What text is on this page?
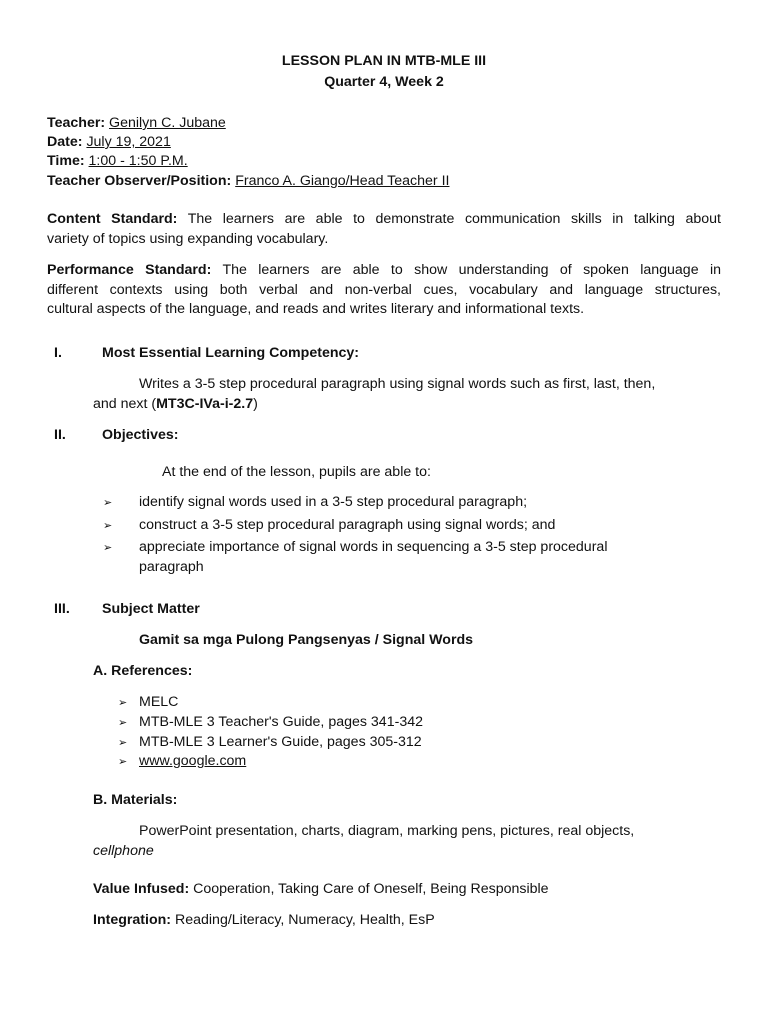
LESSON PLAN IN MTB-MLE III
Quarter 4, Week 2
Teacher: Genilyn C. Jubane
Date: July 19, 2021
Time: 1:00 - 1:50 P.M.
Teacher Observer/Position: Franco A. Giango/Head Teacher II
Content Standard: The learners are able to demonstrate communication skills in talking about
variety of topics using expanding vocabulary.
Performance Standard: The learners are able to show understanding of spoken language in
different contexts using both verbal and non-verbal cues, vocabulary and language structures,
cultural aspects of the language, and reads and writes literary and informational texts.
I.	Most Essential Learning Competency:
Writes a 3-5 step procedural paragraph using signal words such as first, last, then,
and next (MT3C-IVa-i-2.7)
II.	Objectives:
At the end of the lesson, pupils are able to:
➢ identify signal words used in a 3-5 step procedural paragraph;
➢ construct a 3-5 step procedural paragraph using signal words; and
➢ appreciate importance of signal words in sequencing a 3-5 step procedural
paragraph
III. Subject Matter
Gamit sa mga Pulong Pangsenyas / Signal Words
A. References:
➢ MELC
➢ MTB-MLE 3 Teacher's Guide, pages 341-342
➢ MTB-MLE 3 Learner's Guide, pages 305-312
➢ www.google.com
B. Materials:
PowerPoint presentation, charts, diagram, marking pens, pictures, real objects,
cellphone
Value Infused: Cooperation, Taking Care of Oneself, Being Responsible
Integration: Reading/Literacy, Numeracy, Health, EsP
